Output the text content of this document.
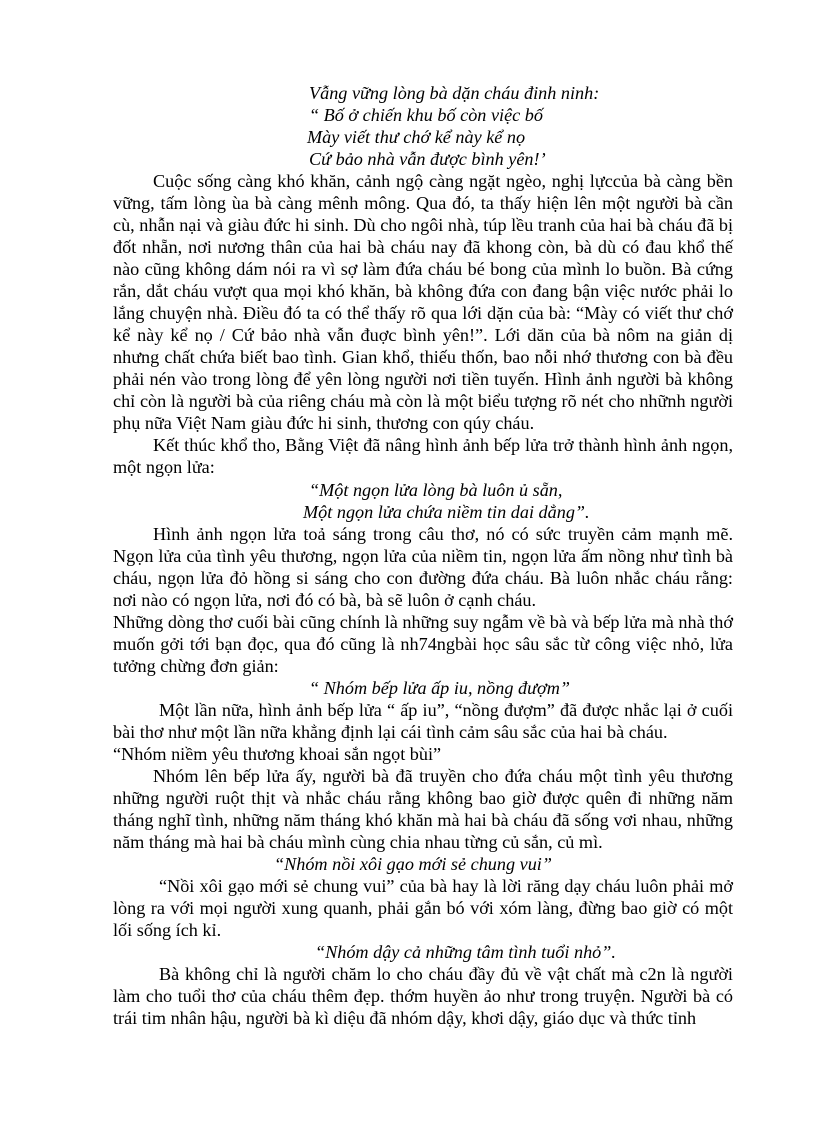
Vẫng vững lòng bà dặn cháu đinh ninh:

“ Bố ở chiến khu bố còn việc bố

Mày viết thư chớ kể này kể nọ

Cứ bảo nhà vẫn được bình yên!’

Cuộc sống càng khó khăn, cảnh ngộ càng ngặt ngèo, nghị lựccủa bà càng bền vững, tấm lòng ùa bà càng mênh mông. Qua đó, ta thấy hiện lên một người bà cần cù, nhẫn nại và giàu đức hi sinh. Dù cho ngôi nhà, túp lều tranh của hai bà cháu đã bị đốt nhẵn, nơi nương thân của hai bà cháu nay đã khong còn, bà dù có đau khổ thế nào cũng không dám nói ra vì sợ làm đứa cháu bé bong của mình lo buồn. Bà cứng rắn, dắt cháu vượt qua mọi khó khăn, bà không đứa con đang bận việc nước phải lo lắng chuyện nhà. Điều đó ta có thể thấy rõ qua lới dặn của bà: “Mày có viết thư chớ kể này kể nọ / Cứ bảo nhà vẫn đuợc bình yên!”. Lới dăn của bà nôm na giản dị nhưng chất chứa biết bao tình. Gian khổ, thiếu thốn, bao nỗi nhớ thương con bà đều phải nén vào trong lòng để yên lòng người nơi tiền tuyến. Hình ảnh người bà không chỉ còn là người bà của riêng cháu mà còn là một biểu tượng rõ nét cho nhữnh người phụ nữa Việt Nam giàu đức hi sinh, thương con qúy cháu.

Kết thúc khổ tho, Bằng Việt đã nâng hình ảnh bếp lửa trở thành hình ảnh ngọn, một ngọn lửa:

“Một ngọn lửa lòng bà luôn ủ sẵn,

Một ngọn lửa chứa niềm tin dai dẳng”.

Hình ảnh ngọn lửa toả sáng trong câu thơ, nó có sức truyền cảm mạnh mẽ. Ngọn lửa của tình yêu thương, ngọn lửa của niềm tin, ngọn lửa ấm nồng như tình bà cháu, ngọn lửa đỏ hồng si sáng cho con đường đứa cháu. Bà luôn nhắc cháu rằng: nơi nào có ngọn lửa, nơi đó có bà, bà sẽ luôn ở cạnh cháu.

Những dòng thơ cuối bài cũng chính là những suy ngẫm về bà và bếp lửa mà nhà thớ muốn gởi tới bạn đọc, qua đó cũng là nh74ngbài học sâu sắc từ công việc nhỏ, lửa tưởng chừng đơn giản:

“ Nhóm bếp lửa ấp iu, nồng đượm”

Một lần nữa, hình ảnh bếp lửa “ ấp iu”, “nồng đượm” đã được nhắc lại ở cuối bài thơ như một lần nữa khẳng định lại cái tình cảm sâu sắc của hai bà cháu.

“Nhóm niềm yêu thương khoai sắn ngọt bùi”

Nhóm lên bếp lửa ấy, người bà đã truyền cho đứa cháu một tình yêu thương những người ruột thịt và nhắc cháu rằng không bao giờ được quên đi những năm tháng nghĩ tình, những năm tháng khó khăn mà hai bà cháu đã sống vơi nhau, những năm tháng mà hai bà cháu mình cùng chia nhau từng củ sắn, củ mì.

“Nhóm nồi xôi gạo mới sẻ chung vui”

“Nồi xôi gạo mới sẻ chung vui” của bà hay là lời răng dạy cháu luôn phải mở lòng ra với mọi người xung quanh, phải gắn bó với xóm làng, đừng bao giờ có một lối sống ích kỉ.

“Nhóm dậy cả những tâm tình tuổi nhỏ”.

Bà không chỉ là người chăm lo cho cháu đầy đủ về vật chất mà c2n là người làm cho tuổi thơ của cháu thêm đẹp. thớm huyền ảo như trong truyện. Người bà có trái tim nhân hậu, người bà kì diệu đã nhóm dậy, khơi dậy, giáo dục và thức tỉnh
